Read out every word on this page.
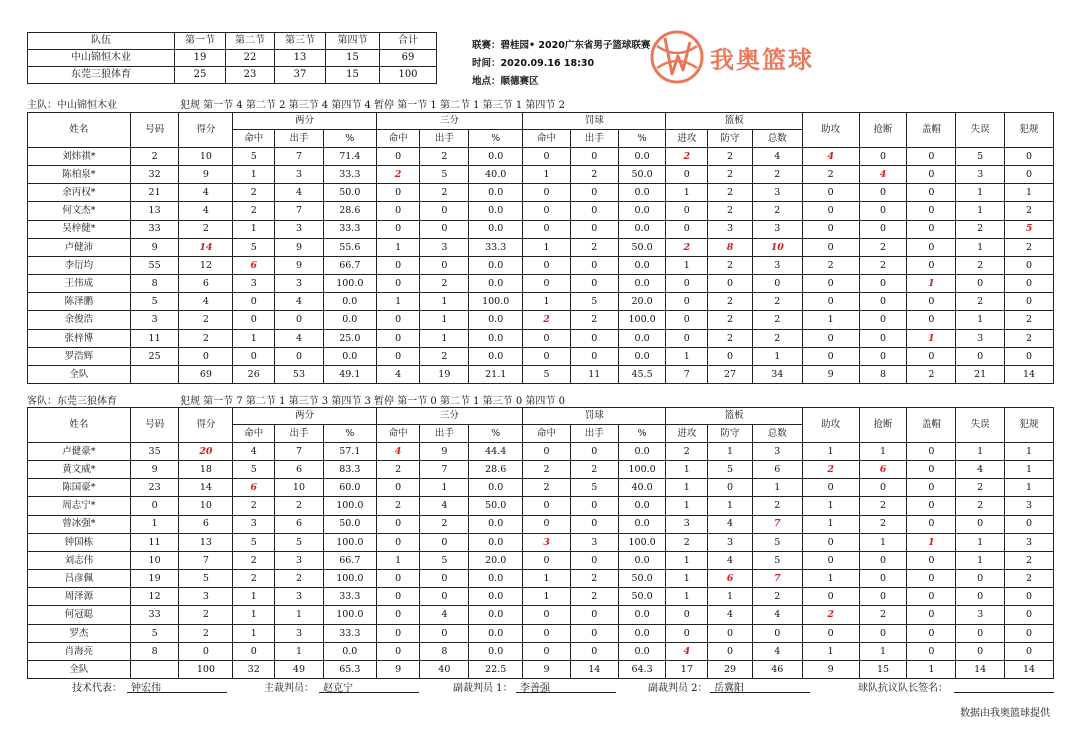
队伍	第一节	第二节	第三节	第四节	合计
中山锦恒木业	19	22	13	15	69
东莞三狼体育	25	23	37	15	100
联赛：碧桂园• 2020广东省男子篮球联赛
时间：2020.09.16 18:30
地点：顺德赛区
我奥篮球
主队：中山锦恒木业	犯规 第一节 4 第二节 2 第三节 4 第四节 4 暂停 第一节 1 第二节 1 第三节 1 第四节 2
姓名	号码	得分	两分			三分			罚球			篮板			助攻	抢断	盖帽	失误	犯规
			命中	出手	%	命中	出手	%	命中	出手	%	进攻	防守	总数					
刘炜祺*	2	10	5	7	71.4	0	2	0.0	0	0	0.0	2	2	4	4	0	0	5	0
陈柏泉*	32	9	1	3	33.3	2	5	40.0	1	2	50.0	0	2	2	2	4	0	3	0
余丙权*	21	4	2	4	50.0	0	2	0.0	0	0	0.0	1	2	3	0	0	0	1	1
何文杰*	13	4	2	7	28.6	0	0	0.0	0	0	0.0	0	2	2	0	0	0	1	2
吴梓健*	33	2	1	3	33.3	0	0	0.0	0	0	0.0	0	3	3	0	0	0	2	5
卢健沛	9	14	5	9	55.6	1	3	33.3	1	2	50.0	2	8	10	0	2	0	1	2
李衍均	55	12	6	9	66.7	0	0	0.0	0	0	0.0	1	2	3	2	2	0	2	0
王伟成	8	6	3	3	100.0	0	2	0.0	0	0	0.0	0	0	0	0	0	1	0	0
陈泽鹏	5	4	0	4	0.0	1	1	100.0	1	5	20.0	0	2	2	0	0	0	2	0
余俊浩	3	2	0	0	0.0	0	1	0.0	2	2	100.0	0	2	2	1	0	0	1	2
张梓博	11	2	1	4	25.0	0	1	0.0	0	0	0.0	0	2	2	0	0	1	3	2
罗浩辉	25	0	0	0	0.0	0	2	0.0	0	0	0.0	1	0	1	0	0	0	0	0
全队		69	26	53	49.1	4	19	21.1	5	11	45.5	7	27	34	9	8	2	21	14
客队：东莞三狼体育	犯规 第一节 7 第二节 1 第三节 3 第四节 3 暂停 第一节 0 第二节 1 第三节 0 第四节 0
姓名	号码	得分	两分			三分			罚球			篮板			助攻	抢断	盖帽	失误	犯规
			命中	出手	%	命中	出手	%	命中	出手	%	进攻	防守	总数					
卢健豪*	35	20	4	7	57.1	4	9	44.4	0	0	0.0	2	1	3	1	1	0	1	1
黄文威*	9	18	5	6	83.3	2	7	28.6	2	2	100.0	1	5	6	2	6	0	4	1
陈国豪*	23	14	6	10	60.0	0	1	0.0	2	5	40.0	1	0	1	0	0	0	2	1
周志宁*	0	10	2	2	100.0	2	4	50.0	0	0	0.0	1	1	2	1	2	0	2	3
曾冰强*	1	6	3	6	50.0	0	2	0.0	0	0	0.0	3	4	7	1	2	0	0	0
钟国栋	11	13	5	5	100.0	0	0	0.0	3	3	100.0	2	3	5	0	1	1	1	3
刘志伟	10	7	2	3	66.7	1	5	20.0	0	0	0.0	1	4	5	0	0	0	1	2
吕彦佩	19	5	2	2	100.0	0	0	0.0	1	2	50.0	1	6	7	1	0	0	0	2
周泽源	12	3	1	3	33.3	0	0	0.0	1	2	50.0	1	1	2	0	0	0	0	0
何冠聪	33	2	1	1	100.0	0	4	0.0	0	0	0.0	0	4	4	2	2	0	3	0
罗杰	5	2	1	3	33.3	0	0	0.0	0	0	0.0	0	0	0	0	0	0	0	0
肖海亮	8	0	0	1	0.0	0	8	0.0	0	0	0.0	4	0	4	1	1	0	0	0
全队		100	32	49	65.3	9	40	22.5	9	14	64.3	17	29	46	9	15	1	14	14
技术代表： 钟宏伟	主裁判员： 赵克宁	副裁判员 1： 李善强	副裁判员 2： 岳冀阳	球队抗议队长签名：
数据由我奥篮球提供
